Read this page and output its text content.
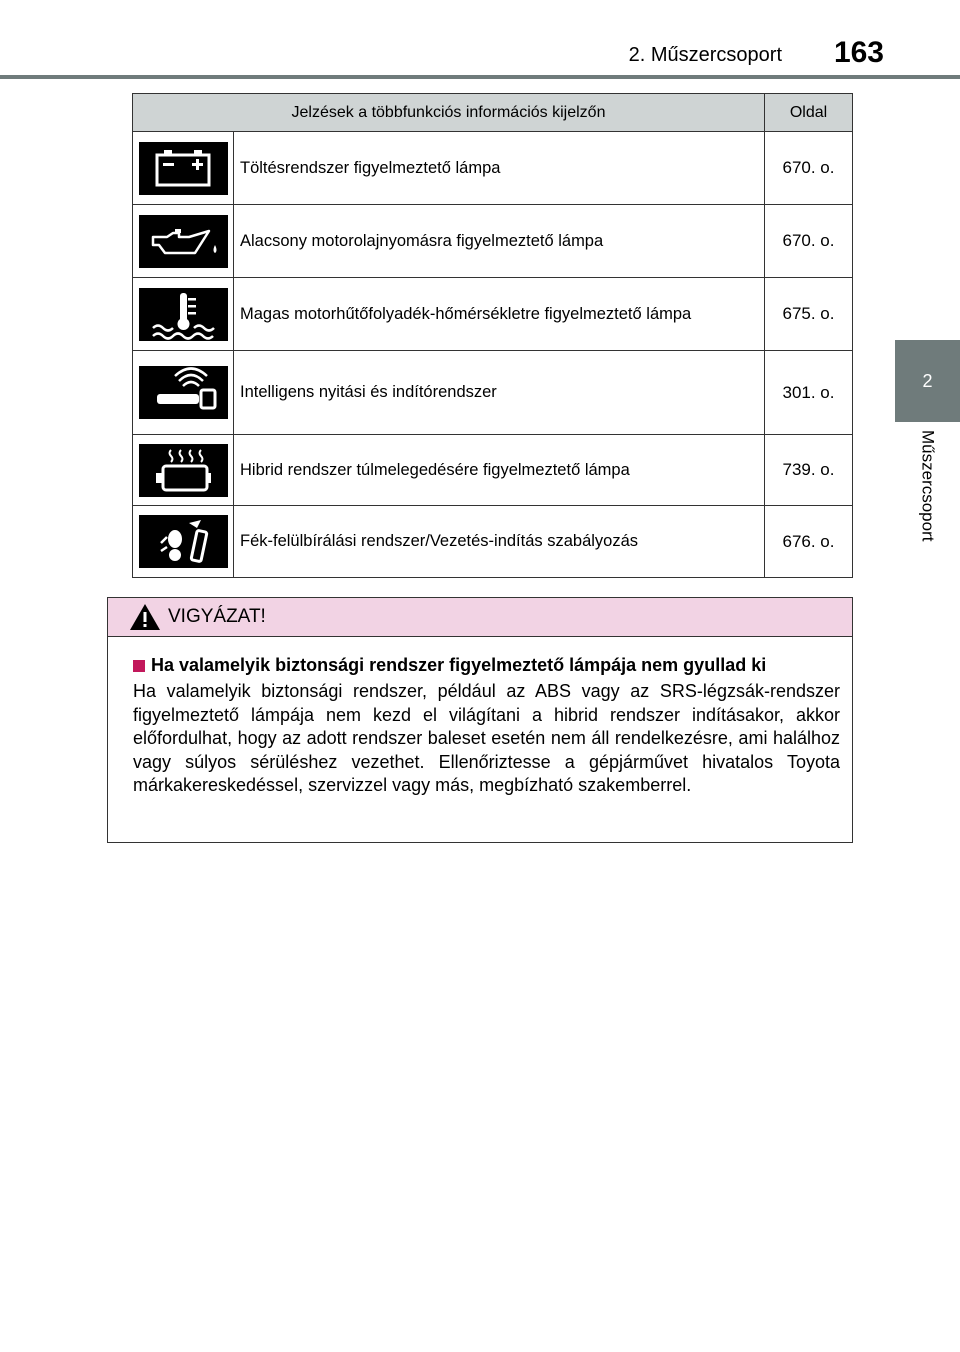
2. Műszercsoport 163
2
Műszercsoport
Jelzések a többfunkciós információs kijelzőn		Oldal

	Töltésrendszer figyelmeztető lámpa	670. o.

	Alacsony motorolajnyomásra figyelmeztető lámpa	670. o.

	Magas motorhűtőfolyadék-hőmérsékletre figyelmeztető lámpa	675. o.

	Intelligens nyitási és indítórendszer	301. o.

	Hibrid rendszer túlmelegedésére figyelmeztető lámpa	739. o.

	Fék-felülbírálási rendszer/Vezetés-indítás szabályozás	676. o.
VIGYÁZAT!
Ha valamelyik biztonsági rendszer figyelmeztető lámpája nem gyullad ki

Ha valamelyik biztonsági rendszer, például az ABS vagy az SRS-légzsák-rendszer figyelmeztető lámpája nem kezd el világítani a hibrid rendszer indításakor, akkor előfordulhat, hogy az adott rendszer baleset esetén nem áll rendelkezésre, ami halálhoz vagy súlyos sérüléshez vezethet. Ellenőriztesse a gépjárművet hivatalos Toyota márkakereskedéssel, szervizzel vagy más, megbízható szakemberrel.
